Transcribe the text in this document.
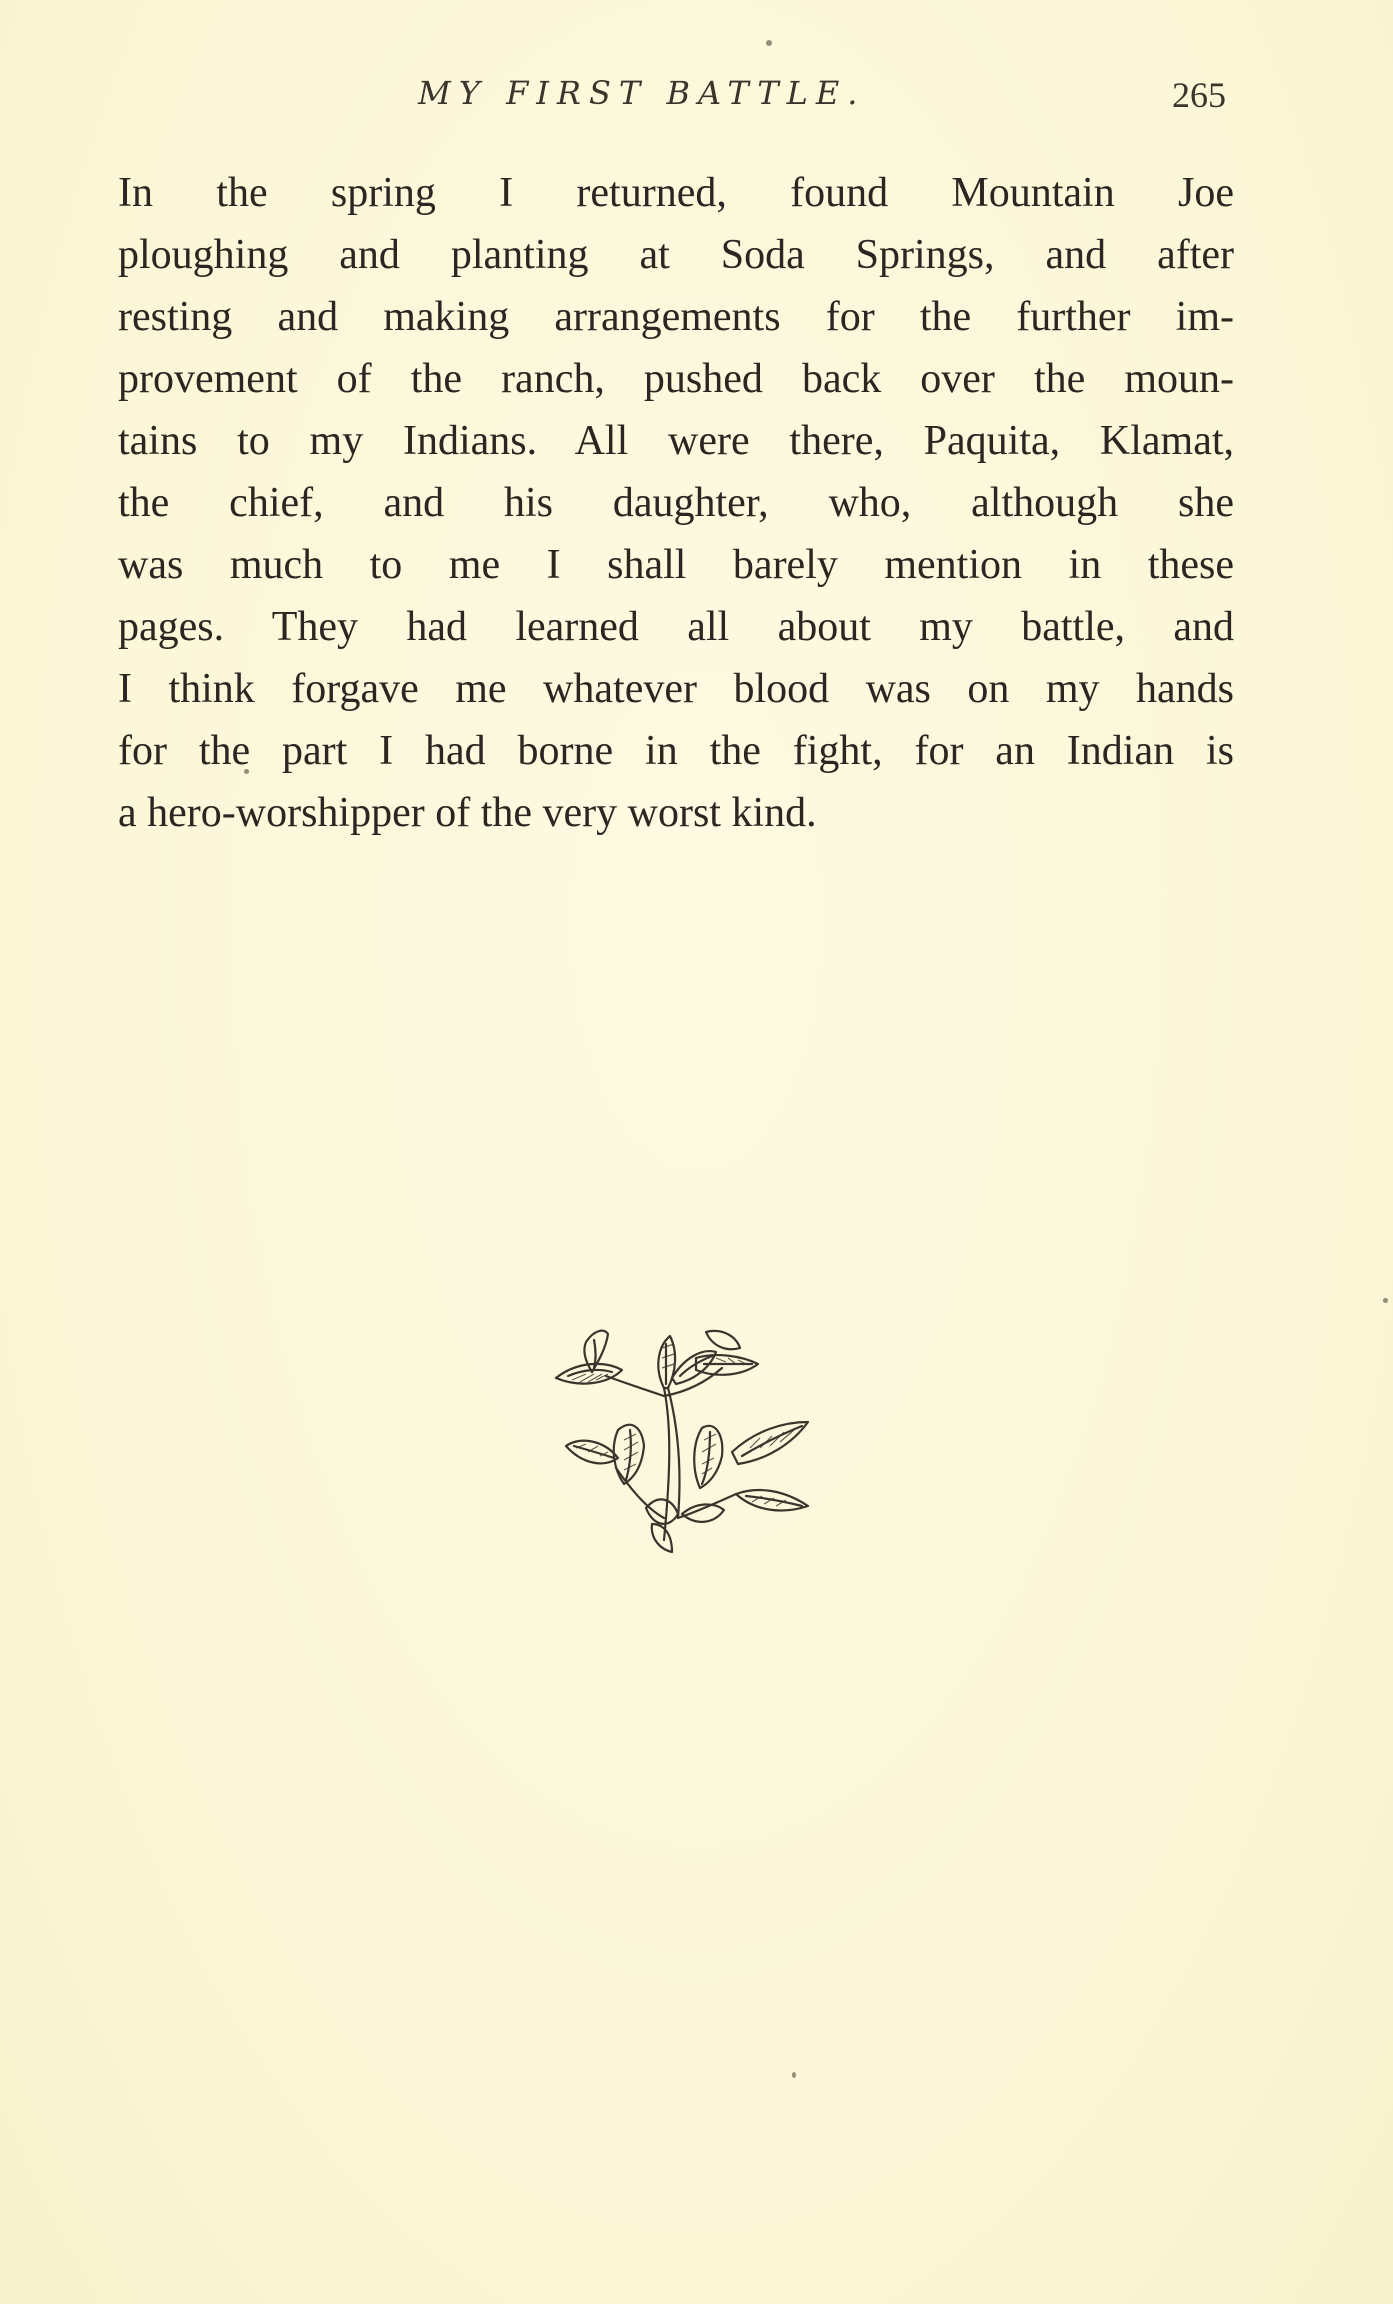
MY FIRST BATTLE.	265
In the spring I returned, found Mountain Joe
ploughing and planting at Soda Springs, and after
resting and making arrangements for the further im-
provement of the ranch, pushed back over the moun-
tains to my Indians. All were there, Paquita, Klamat,
the chief, and his daughter, who, although she
was much to me I shall barely mention in these
pages. They had learned all about my battle, and
I think forgave me whatever blood was on my hands
for the part I had borne in the fight, for an Indian is
a hero-worshipper of the very worst kind.
